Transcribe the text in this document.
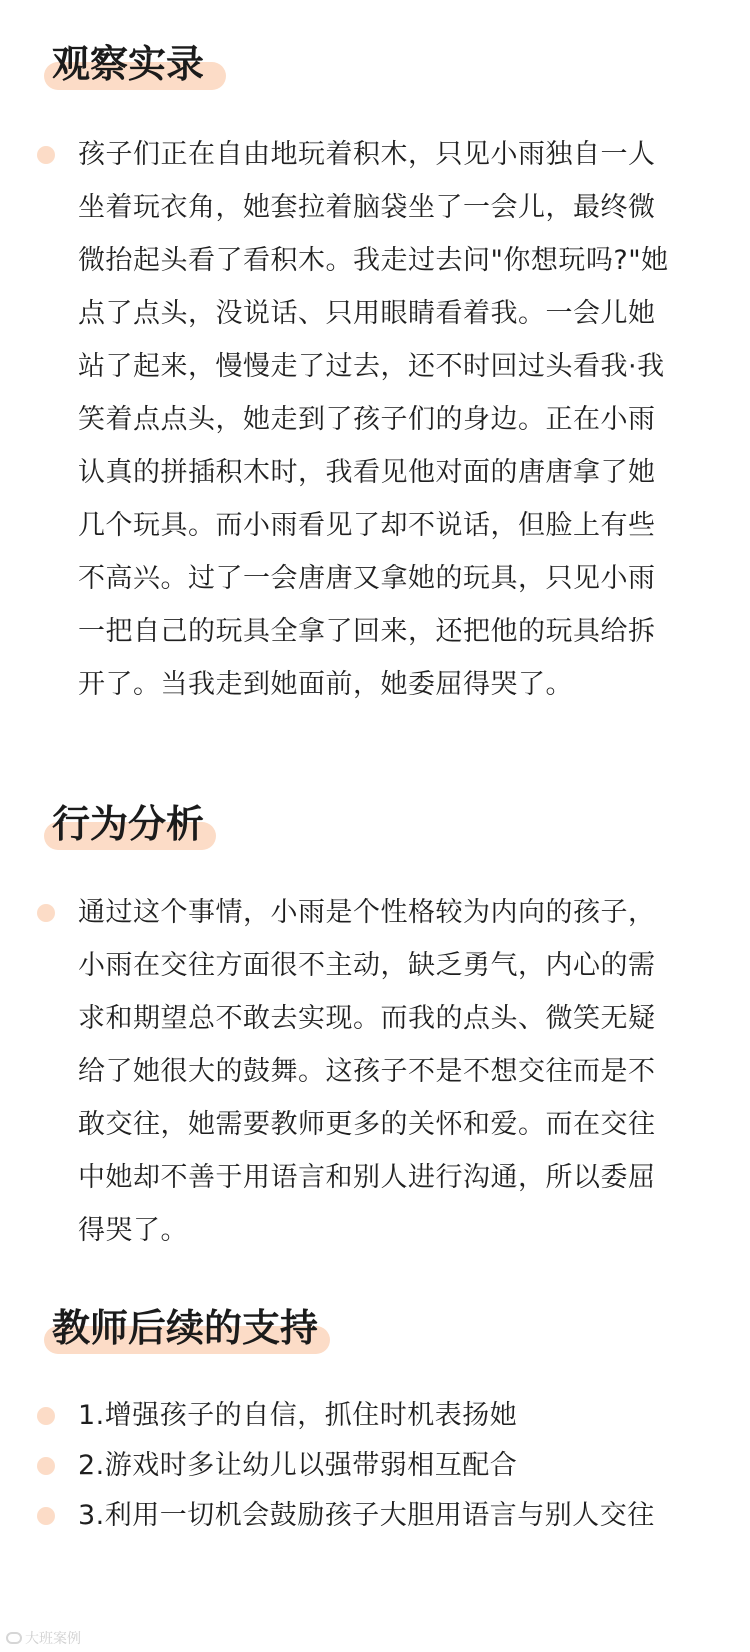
观察实录

孩子们正在自由地玩着积木，只见小雨独自一人坐着玩衣角，她套拉着脑袋坐了一会儿，最终微微抬起头看了看积木。我走过去问"你想玩吗?"她点了点头，没说话、只用眼睛看着我。一会儿她站了起来，慢慢走了过去，还不时回过头看我·我笑着点点头，她走到了孩子们的身边。正在小雨认真的拼插积木时，我看见他对面的唐唐拿了她几个玩具。而小雨看见了却不说话，但脸上有些不高兴。过了一会唐唐又拿她的玩具，只见小雨一把自己的玩具全拿了回来，还把他的玩具给拆开了。当我走到她面前，她委屈得哭了。

行为分析

通过这个事情，小雨是个性格较为内向的孩子，小雨在交往方面很不主动，缺乏勇气，内心的需求和期望总不敢去实现。而我的点头、微笑无疑给了她很大的鼓舞。这孩子不是不想交往而是不敢交往，她需要教师更多的关怀和爱。而在交往中她却不善于用语言和别人进行沟通，所以委屈得哭了。

教师后续的支持
1.增强孩子的自信，抓住时机表扬她
2.游戏时多让幼儿以强带弱相互配合
3.利用一切机会鼓励孩子大胆用语言与别人交往
大班案例
